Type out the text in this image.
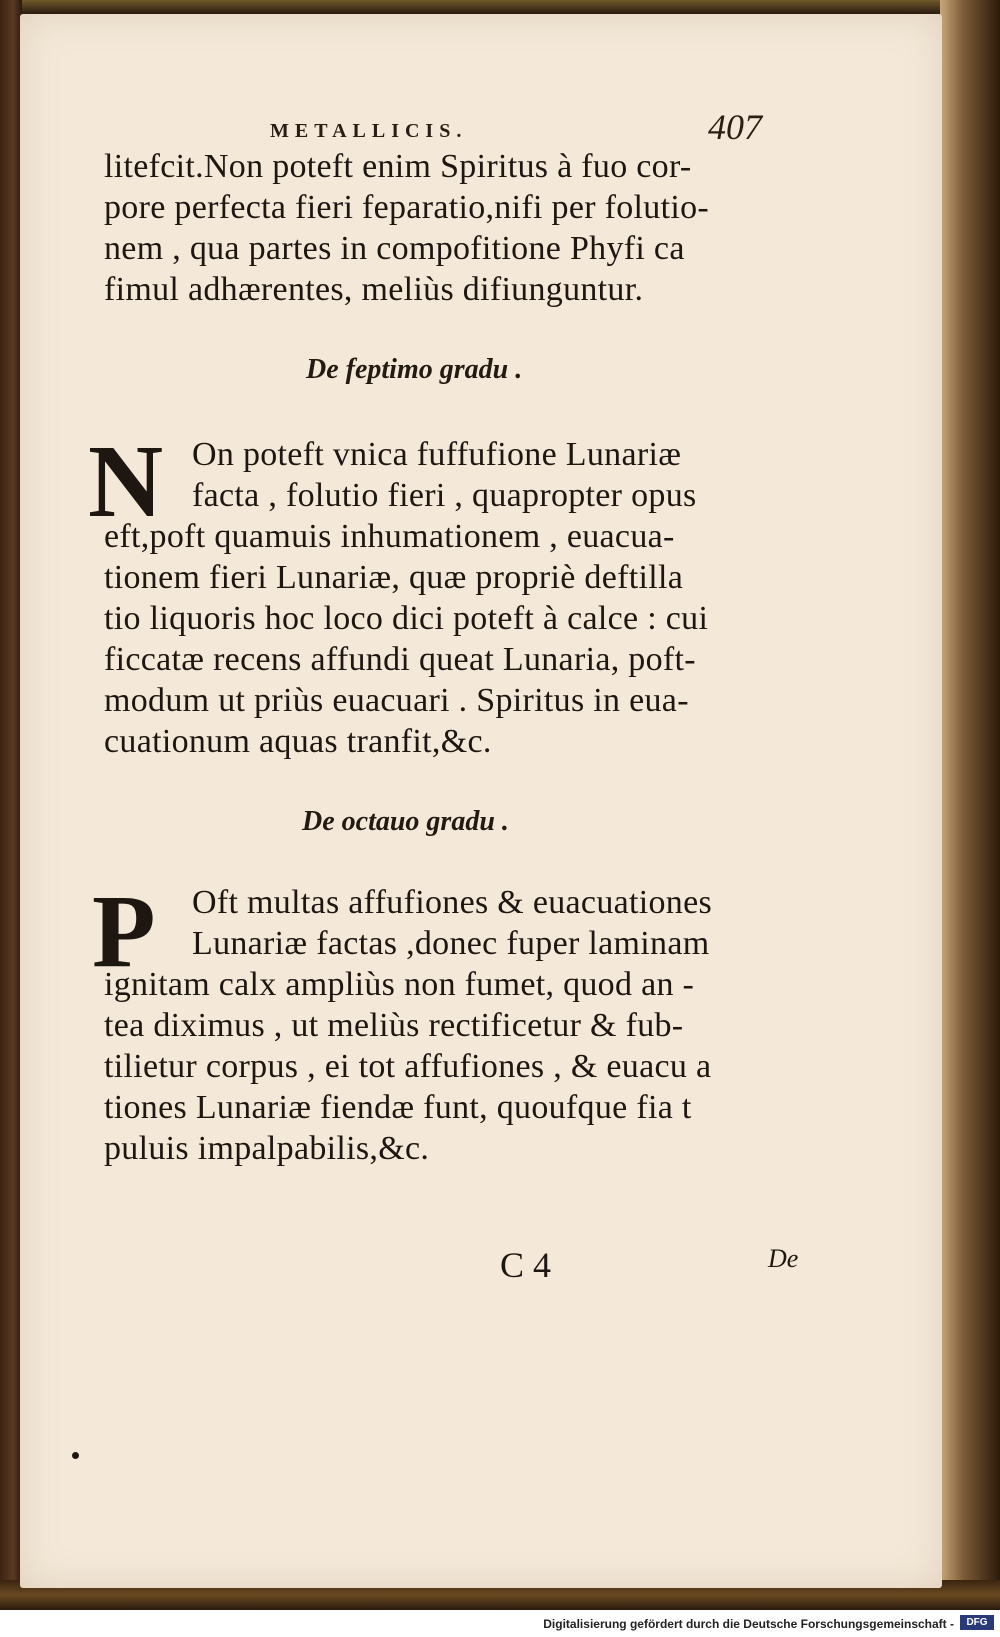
METALLICIS.	407
litefcit.Non poteft enim Spiritus à fuo cor-
pore perfecta fieri feparatio,nifi per folutio-
nem , qua partes in compofitione Phyfi ca
fimul adhærentes, meliùs difiunguntur.
De feptimo gradu .
N On poteft vnica fuffufione Lunariæ
facta , folutio fieri , quapropter opus
eft,poft quamuis inhumationem , euacua-
tionem fieri Lunariæ, quæ propriè deftilla
tio liquoris hoc loco dici poteft à calce : cui
ficcatæ recens affundi queat Lunaria, poft-
modum ut priùs euacuari . Spiritus in eua-
cuationum aquas tranfit,&c.
De octauo gradu .
P	Oft multas affufiones & euacuationes
Lunariæ factas ,donec fuper laminam
ignitam calx ampliùs non fumet, quod an -
tea diximus , ut meliùs rectificetur & fub-
tilietur corpus , ei tot affufiones , & euacu a
tiones Lunariæ fiendæ funt, quoufque fia t
puluis impalpabilis,&c.
C 4	De
Digitalisierung gefördert durch die Deutsche Forschungsgemeinschaft -	DFG
